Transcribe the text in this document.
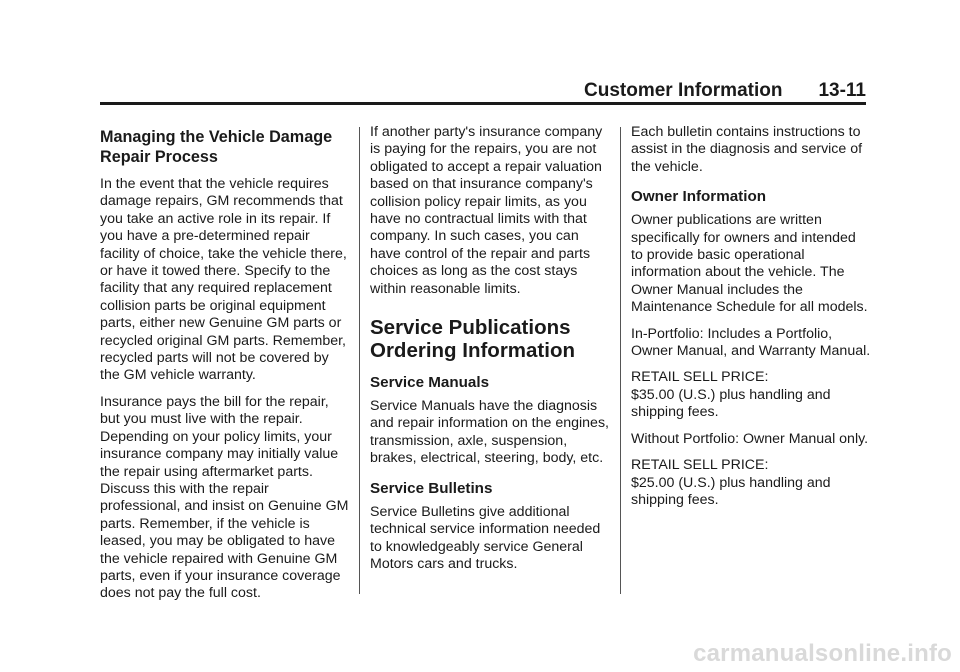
Customer Information 13-11
Managing the Vehicle Damage Repair Process

In the event that the vehicle requires damage repairs, GM recommends that you take an active role in its repair. If you have a pre-determined repair facility of choice, take the vehicle there, or have it towed there. Specify to the facility that any required replacement collision parts be original equipment parts, either new Genuine GM parts or recycled original GM parts. Remember, recycled parts will not be covered by the GM vehicle warranty.

Insurance pays the bill for the repair, but you must live with the repair. Depending on your policy limits, your insurance company may initially value the repair using aftermarket parts. Discuss this with the repair professional, and insist on Genuine GM parts. Remember, if the vehicle is leased, you may be obligated to have the vehicle repaired with Genuine GM parts, even if your insurance coverage does not pay the full cost.

If another party's insurance company is paying for the repairs, you are not obligated to accept a repair valuation based on that insurance company's collision policy repair limits, as you have no contractual limits with that company. In such cases, you can have control of the repair and parts choices as long as the cost stays within reasonable limits.

Service Publications Ordering Information
Service Manuals

Service Manuals have the diagnosis and repair information on the engines, transmission, axle, suspension, brakes, electrical, steering, body, etc.

Service Bulletins

Service Bulletins give additional technical service information needed to knowledgeably service General Motors cars and trucks.

Each bulletin contains instructions to assist in the diagnosis and service of the vehicle.

Owner Information

Owner publications are written specifically for owners and intended to provide basic operational information about the vehicle. The Owner Manual includes the Maintenance Schedule for all models.

In-Portfolio: Includes a Portfolio, Owner Manual, and Warranty Manual.

RETAIL SELL PRICE:
$35.00 (U.S.) plus handling and shipping fees.

Without Portfolio: Owner Manual only.

RETAIL SELL PRICE:
$25.00 (U.S.) plus handling and shipping fees.

carmanualsonline.info
